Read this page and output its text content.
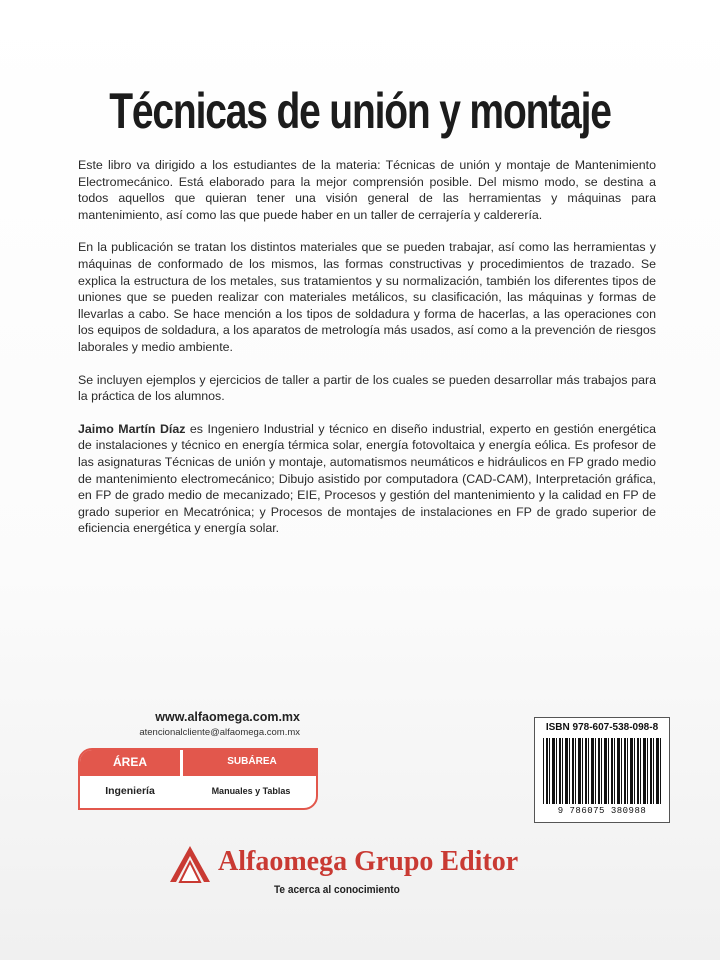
Técnicas de unión y montaje

Este libro va dirigido a los estudiantes de la materia: Técnicas de unión y montaje de Mantenimiento Electromecánico. Está elaborado para la mejor comprensión posible. Del mismo modo, se destina a todos aquellos que quieran tener una visión general de las herramientas y máquinas para mantenimiento, así como las que puede haber en un taller de cerrajería y calderería.

En la publicación se tratan los distintos materiales que se pueden trabajar, así como las herramientas y máquinas de conformado de los mismos, las formas constructivas y procedimientos de trazado. Se explica la estructura de los metales, sus tratamientos y su normalización, también los diferentes tipos de uniones que se pueden realizar con materiales metálicos, su clasificación, las máquinas y formas de llevarlas a cabo. Se hace mención a los tipos de soldadura y forma de hacerlas, a las operaciones con los equipos de soldadura, a los aparatos de metrología más usados, así como a la prevención de riesgos laborales y medio ambiente.

Se incluyen ejemplos y ejercicios de taller a partir de los cuales se pueden desarrollar más trabajos para la práctica de los alumnos.

Jaimo Martín Díaz es Ingeniero Industrial y técnico en diseño industrial, experto en gestión energética de instalaciones y técnico en energía térmica solar, energía fotovoltaica y energía eólica. Es profesor de las asignaturas Técnicas de unión y montaje, automatismos neumáticos e hidráulicos en FP grado medio de mantenimiento electromecánico; Dibujo asistido por computadora (CAD-CAM), Interpretación gráfica, en FP de grado medio de mecanizado; EIE, Procesos y gestión del mantenimiento y la calidad en FP de grado superior en Mecatrónica; y Procesos de montajes de instalaciones en FP de grado superior de eficiencia energética y energía solar.

www.alfaomega.com.mx
atencionalcliente@alfaomega.com.mx
ÁREA	SUBÁREA
Ingeniería	Manuales y Tablas
ISBN 978-607-538-098-8
9 786075 380988
Alfaomega Grupo Editor
Te acerca al conocimiento
